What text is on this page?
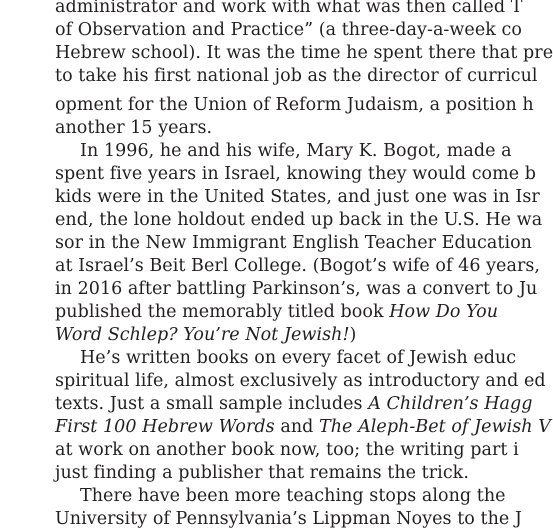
administrator and work with what was then called T
of Observation and Practice” (a three-day-a-week co
Hebrew school). It was the time he spent there that pre
to take his first national job as the director of curricul
opment for the Union of Reform Judaism, a position h
another 15 years.
In 1996, he and his wife, Mary K. Bogot, made a
spent five years in Israel, knowing they would come b
kids were in the United States, and just one was in Isr
end, the lone holdout ended up back in the U.S. He wa
sor in the New Immigrant English Teacher Education
at Israel’s Beit Berl College. (Bogot’s wife of 46 years,
in 2016 after battling Parkinson’s, was a convert to Ju
published the memorably titled book How Do You
Word Schlep? You’re Not Jewish!)
He’s written books on every facet of Jewish educ
spiritual life, almost exclusively as introductory and ed
texts. Just a small sample includes A Children’s Hagg
First 100 Hebrew Words and The Aleph-Bet of Jewish V
at work on another book now, too; the writing part i
just finding a publisher that remains the trick.
There have been more teaching stops along the
University of Pennsylvania’s Lippman Noyes to the J
